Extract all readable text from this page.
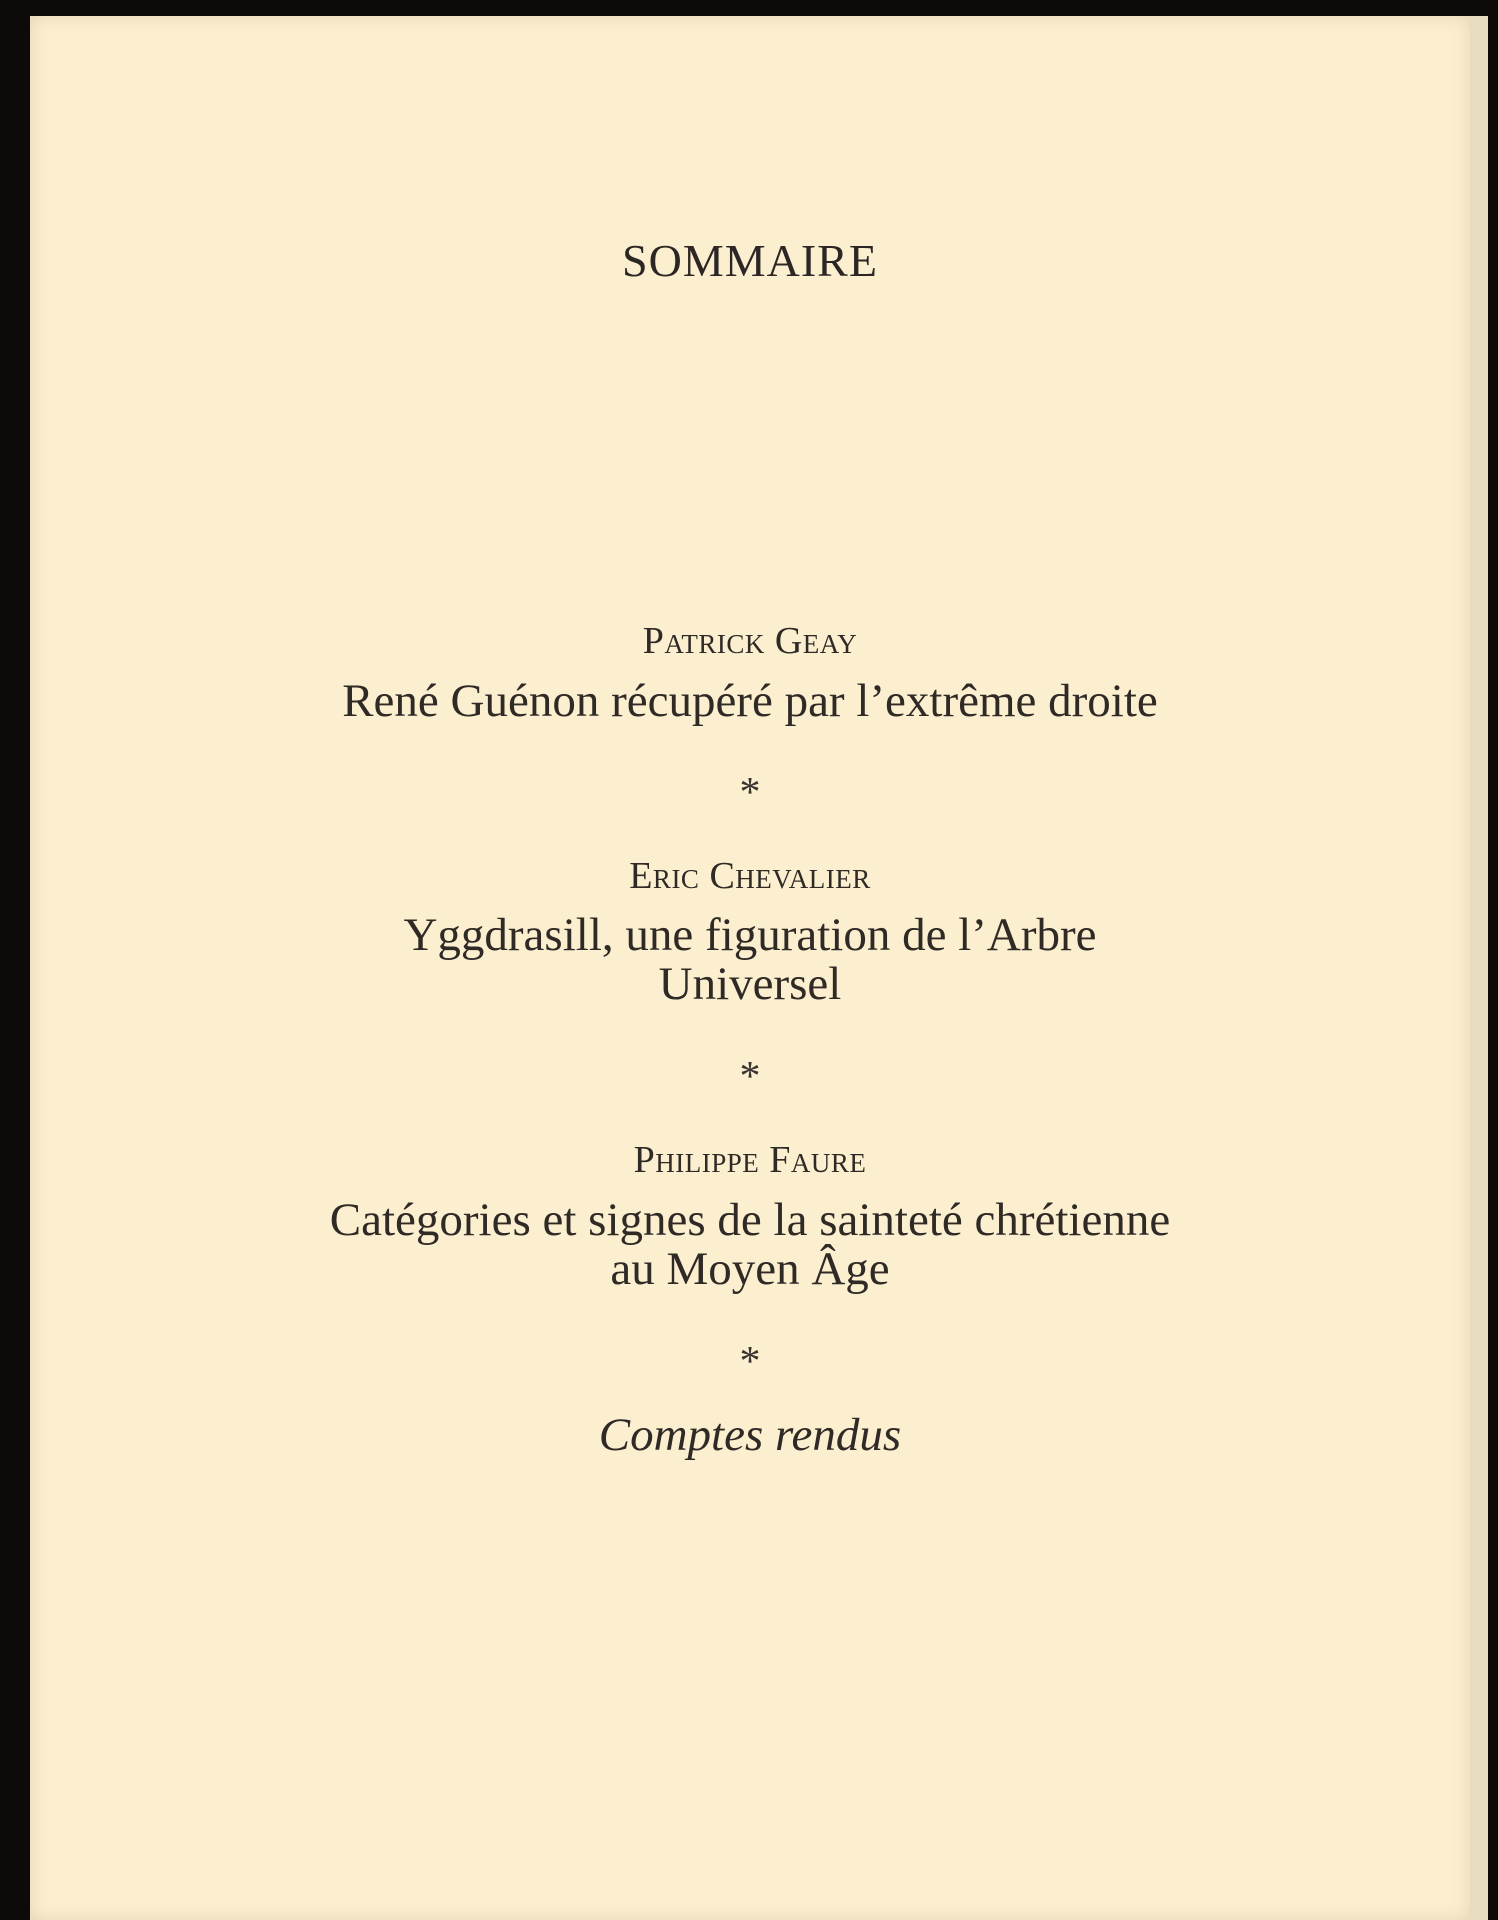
SOMMAIRE
Patrick Geay
René Guénon récupéré par l’extrême droite
*
Eric Chevalier
Yggdrasill, une figuration de l’Arbre
Universel
*
Philippe Faure
Catégories et signes de la sainteté chrétienne
au Moyen Âge
*
Comptes rendus
